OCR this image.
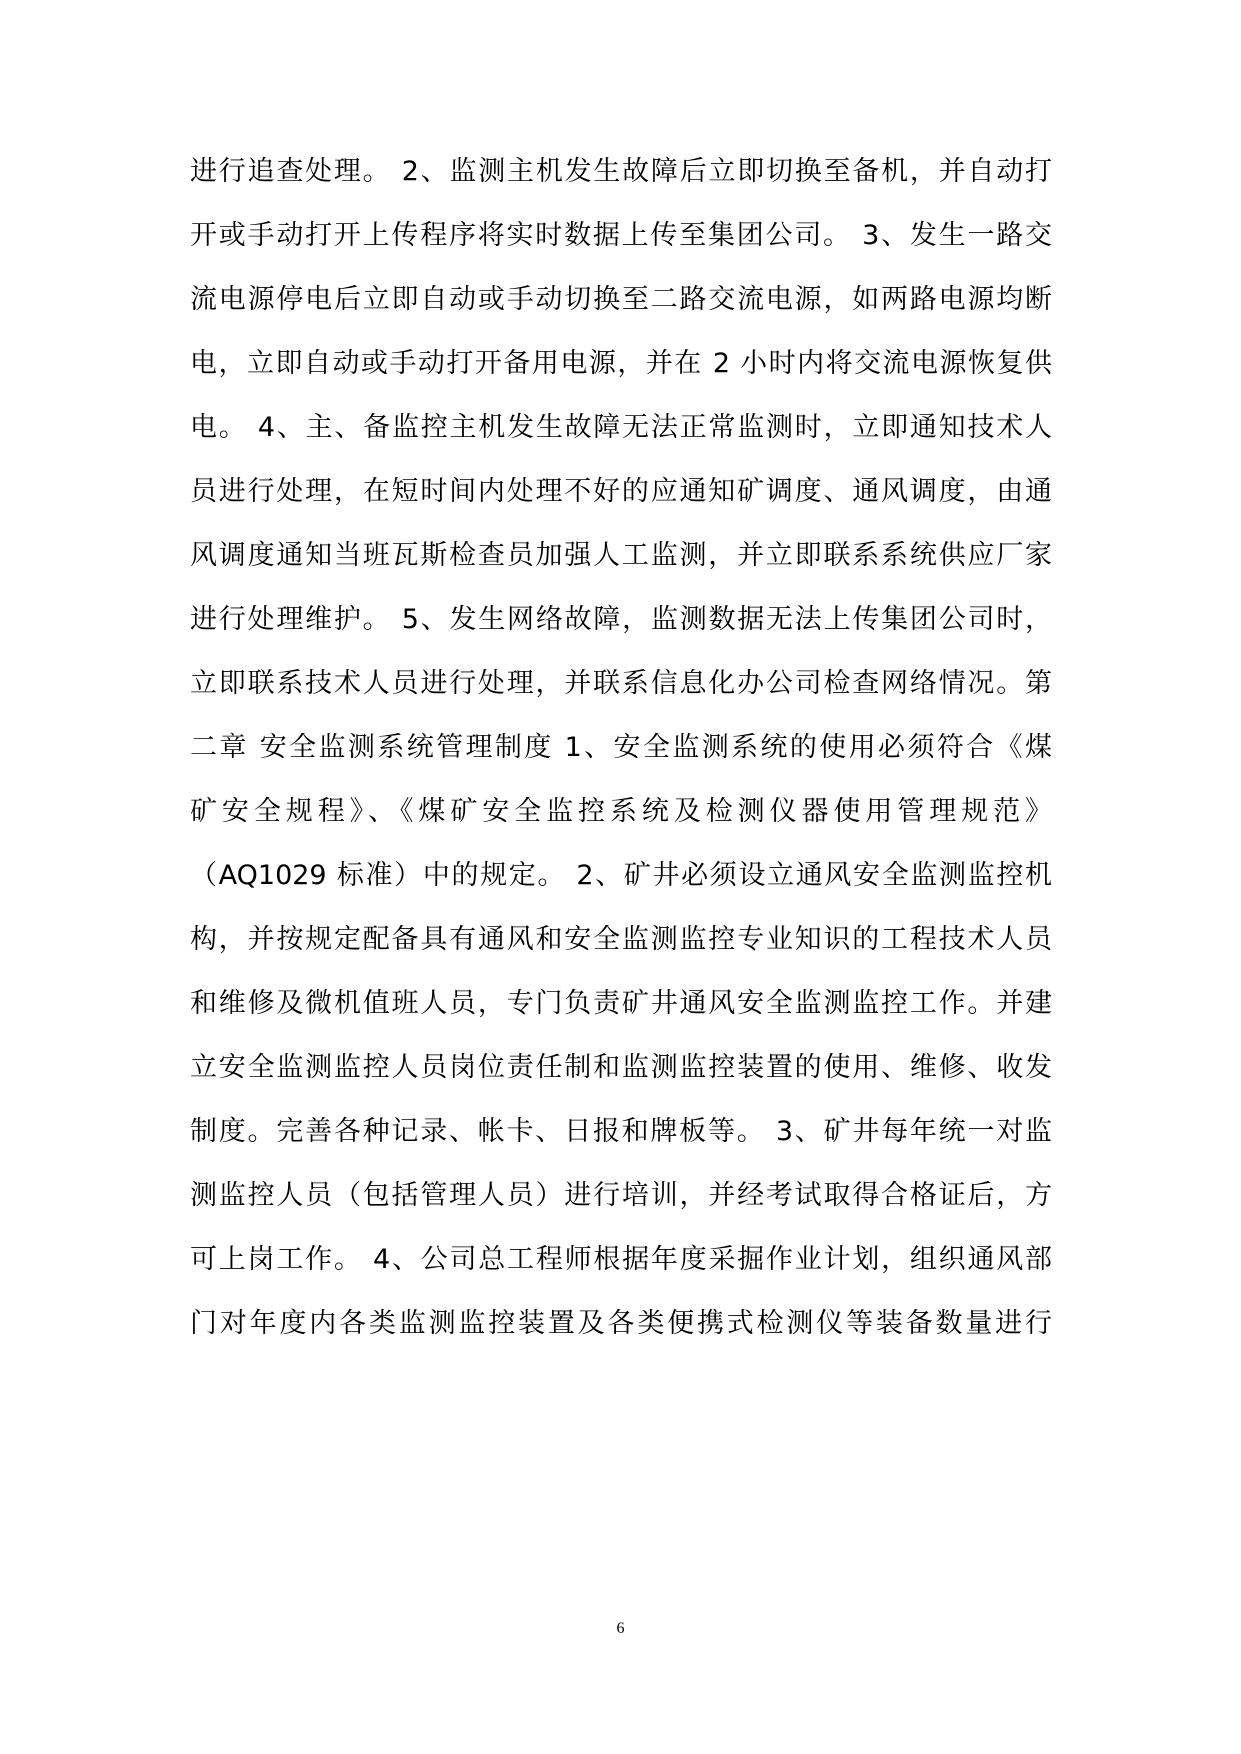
进行追查处理。 2、监测主机发生故障后立即切换至备机，并自动打
开或手动打开上传程序将实时数据上传至集团公司。 3、发生一路交
流电源停电后立即自动或手动切换至二路交流电源，如两路电源均断
电，立即自动或手动打开备用电源，并在 2 小时内将交流电源恢复供
电。 4、主、备监控主机发生故障无法正常监测时，立即通知技术人
员进行处理，在短时间内处理不好的应通知矿调度、通风调度，由通
风调度通知当班瓦斯检查员加强人工监测，并立即联系系统供应厂家
进行处理维护。 5、发生网络故障，监测数据无法上传集团公司时，
立即联系技术人员进行处理，并联系信息化办公司检查网络情况。第
二章 安全监测系统管理制度 1、安全监测系统的使用必须符合《煤
矿安全规程》、《煤矿安全监控系统及检测仪器使用管理规范》
（AQ1029 标准）中的规定。 2、矿井必须设立通风安全监测监控机
构，并按规定配备具有通风和安全监测监控专业知识的工程技术人员
和维修及微机值班人员，专门负责矿井通风安全监测监控工作。并建
立安全监测监控人员岗位责任制和监测监控装置的使用、维修、收发
制度。完善各种记录、帐卡、日报和牌板等。 3、矿井每年统一对监
测监控人员（包括管理人员）进行培训，并经考试取得合格证后，方
可上岗工作。 4、公司总工程师根据年度采掘作业计划，组织通风部
门对年度内各类监测监控装置及各类便携式检测仪等装备数量进行
6
